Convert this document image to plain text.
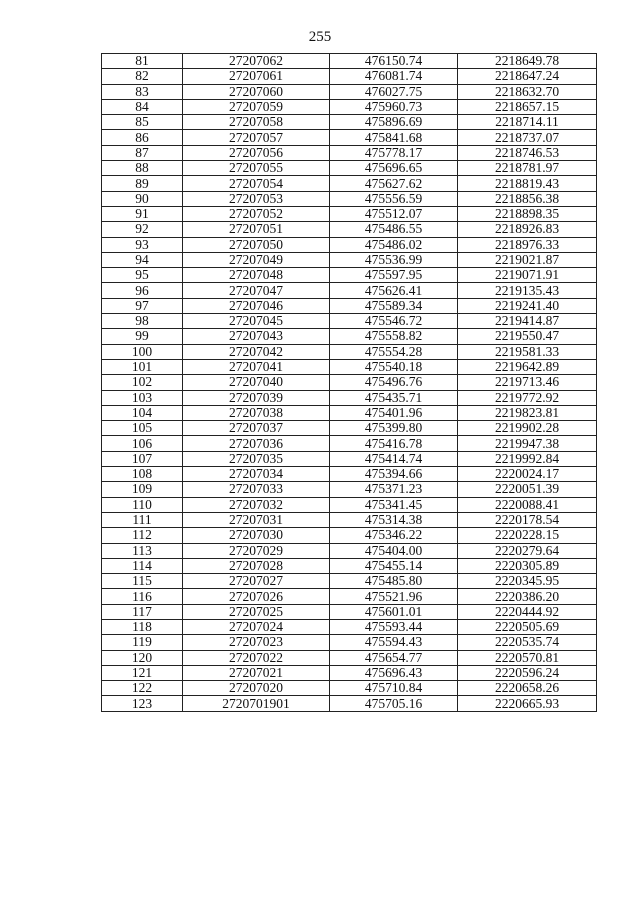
255
81	27207062	476150.74	2218649.78
82	27207061	476081.74	2218647.24
83	27207060	476027.75	2218632.70
84	27207059	475960.73	2218657.15
85	27207058	475896.69	2218714.11
86	27207057	475841.68	2218737.07
87	27207056	475778.17	2218746.53
88	27207055	475696.65	2218781.97
89	27207054	475627.62	2218819.43
90	27207053	475556.59	2218856.38
91	27207052	475512.07	2218898.35
92	27207051	475486.55	2218926.83
93	27207050	475486.02	2218976.33
94	27207049	475536.99	2219021.87
95	27207048	475597.95	2219071.91
96	27207047	475626.41	2219135.43
97	27207046	475589.34	2219241.40
98	27207045	475546.72	2219414.87
99	27207043	475558.82	2219550.47
100	27207042	475554.28	2219581.33
101	27207041	475540.18	2219642.89
102	27207040	475496.76	2219713.46
103	27207039	475435.71	2219772.92
104	27207038	475401.96	2219823.81
105	27207037	475399.80	2219902.28
106	27207036	475416.78	2219947.38
107	27207035	475414.74	2219992.84
108	27207034	475394.66	2220024.17
109	27207033	475371.23	2220051.39
110	27207032	475341.45	2220088.41
111	27207031	475314.38	2220178.54
112	27207030	475346.22	2220228.15
113	27207029	475404.00	2220279.64
114	27207028	475455.14	2220305.89
115	27207027	475485.80	2220345.95
116	27207026	475521.96	2220386.20
117	27207025	475601.01	2220444.92
118	27207024	475593.44	2220505.69
119	27207023	475594.43	2220535.74
120	27207022	475654.77	2220570.81
121	27207021	475696.43	2220596.24
122	27207020	475710.84	2220658.26
123	2720701901	475705.16	2220665.93
